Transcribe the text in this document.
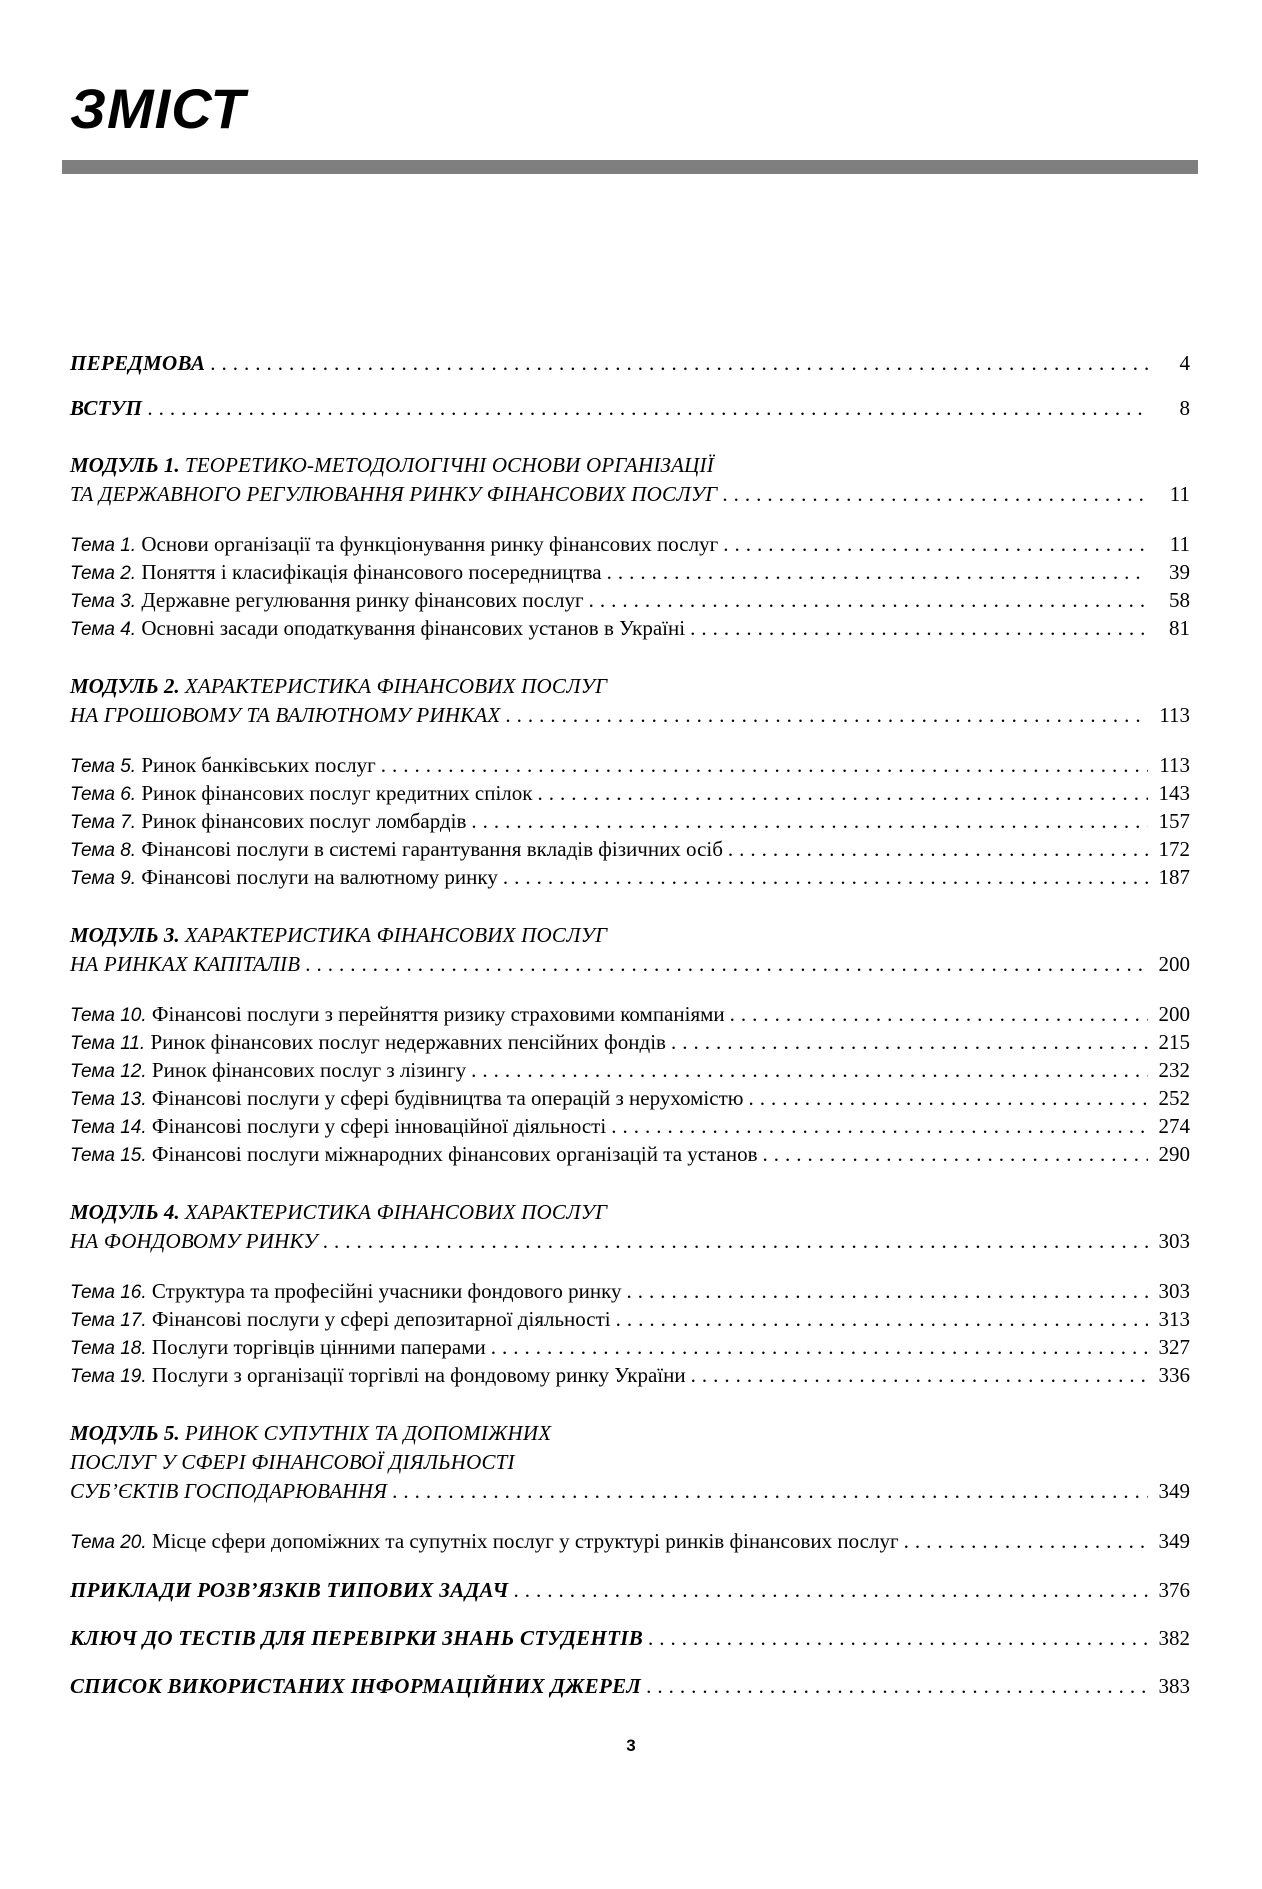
ЗМІСТ
ПЕРЕДМОВА .....	4
ВСТУП .....	8
МОДУЛЬ 1. ТЕОРЕТИКО-МЕТОДОЛОГІЧНІ ОСНОВИ ОРГАНІЗАЦІЇ
ТА ДЕРЖАВНОГО РЕГУЛЮВАННЯ РИНКУ ФІНАНСОВИХ ПОСЛУГ .....	11
Тема 1. Основи організації та функціонування ринку фінансових послуг .....	11
Тема 2. Поняття і класифікація фінансового посередництва .....	39
Тема 3. Державне регулювання ринку фінансових послуг .....	58
Тема 4. Основні засади оподаткування фінансових установ в Україні .....	81
МОДУЛЬ 2. ХАРАКТЕРИСТИКА ФІНАНСОВИХ ПОСЛУГ
НА ГРОШОВОМУ ТА ВАЛЮТНОМУ РИНКАХ .....	113
Тема 5. Ринок банківських послуг .....	113
Тема 6. Ринок фінансових послуг кредитних спілок .....	143
Тема 7. Ринок фінансових послуг ломбардів .....	157
Тема 8. Фінансові послуги в системі гарантування вкладів фізичних осіб .....	172
Тема 9. Фінансові послуги на валютному ринку .....	187
МОДУЛЬ 3. ХАРАКТЕРИСТИКА ФІНАНСОВИХ ПОСЛУГ
НА РИНКАХ КАПІТАЛІВ .....	200
Тема 10. Фінансові послуги з перейняття ризику страховими компаніями .....	200
Тема 11. Ринок фінансових послуг недержавних пенсійних фондів .....	215
Тема 12. Ринок фінансових послуг з лізингу .....	232
Тема 13. Фінансові послуги у сфері будівництва та операцій з нерухомістю .....	252
Тема 14. Фінансові послуги у сфері інноваційної діяльності .....	274
Тема 15. Фінансові послуги міжнародних фінансових організацій та установ .....	290
МОДУЛЬ 4. ХАРАКТЕРИСТИКА ФІНАНСОВИХ ПОСЛУГ
НА ФОНДОВОМУ РИНКУ .....	303
Тема 16. Структура та професійні учасники фондового ринку .....	303
Тема 17. Фінансові послуги у сфері депозитарної діяльності .....	313
Тема 18. Послуги торгівців цінними паперами .....	327
Тема 19. Послуги з організації торгівлі на фондовому ринку України .....	336
МОДУЛЬ 5. РИНОК СУПУТНІХ ТА ДОПОМІЖНИХ
ПОСЛУГ У СФЕРІ ФІНАНСОВОЇ ДІЯЛЬНОСТІ
СУБ’ЄКТІВ ГОСПОДАРЮВАННЯ .....	349
Тема 20. Місце сфери допоміжних та супутніх послуг у структурі ринків фінансових послуг .....	349
ПРИКЛАДИ РОЗВ’ЯЗКІВ ТИПОВИХ ЗАДАЧ .....	376
КЛЮЧ ДО ТЕСТІВ ДЛЯ ПЕРЕВІРКИ ЗНАНЬ СТУДЕНТІВ .....	382
СПИСОК ВИКОРИСТАНИХ ІНФОРМАЦІЙНИХ ДЖЕРЕЛ .....	383
3
